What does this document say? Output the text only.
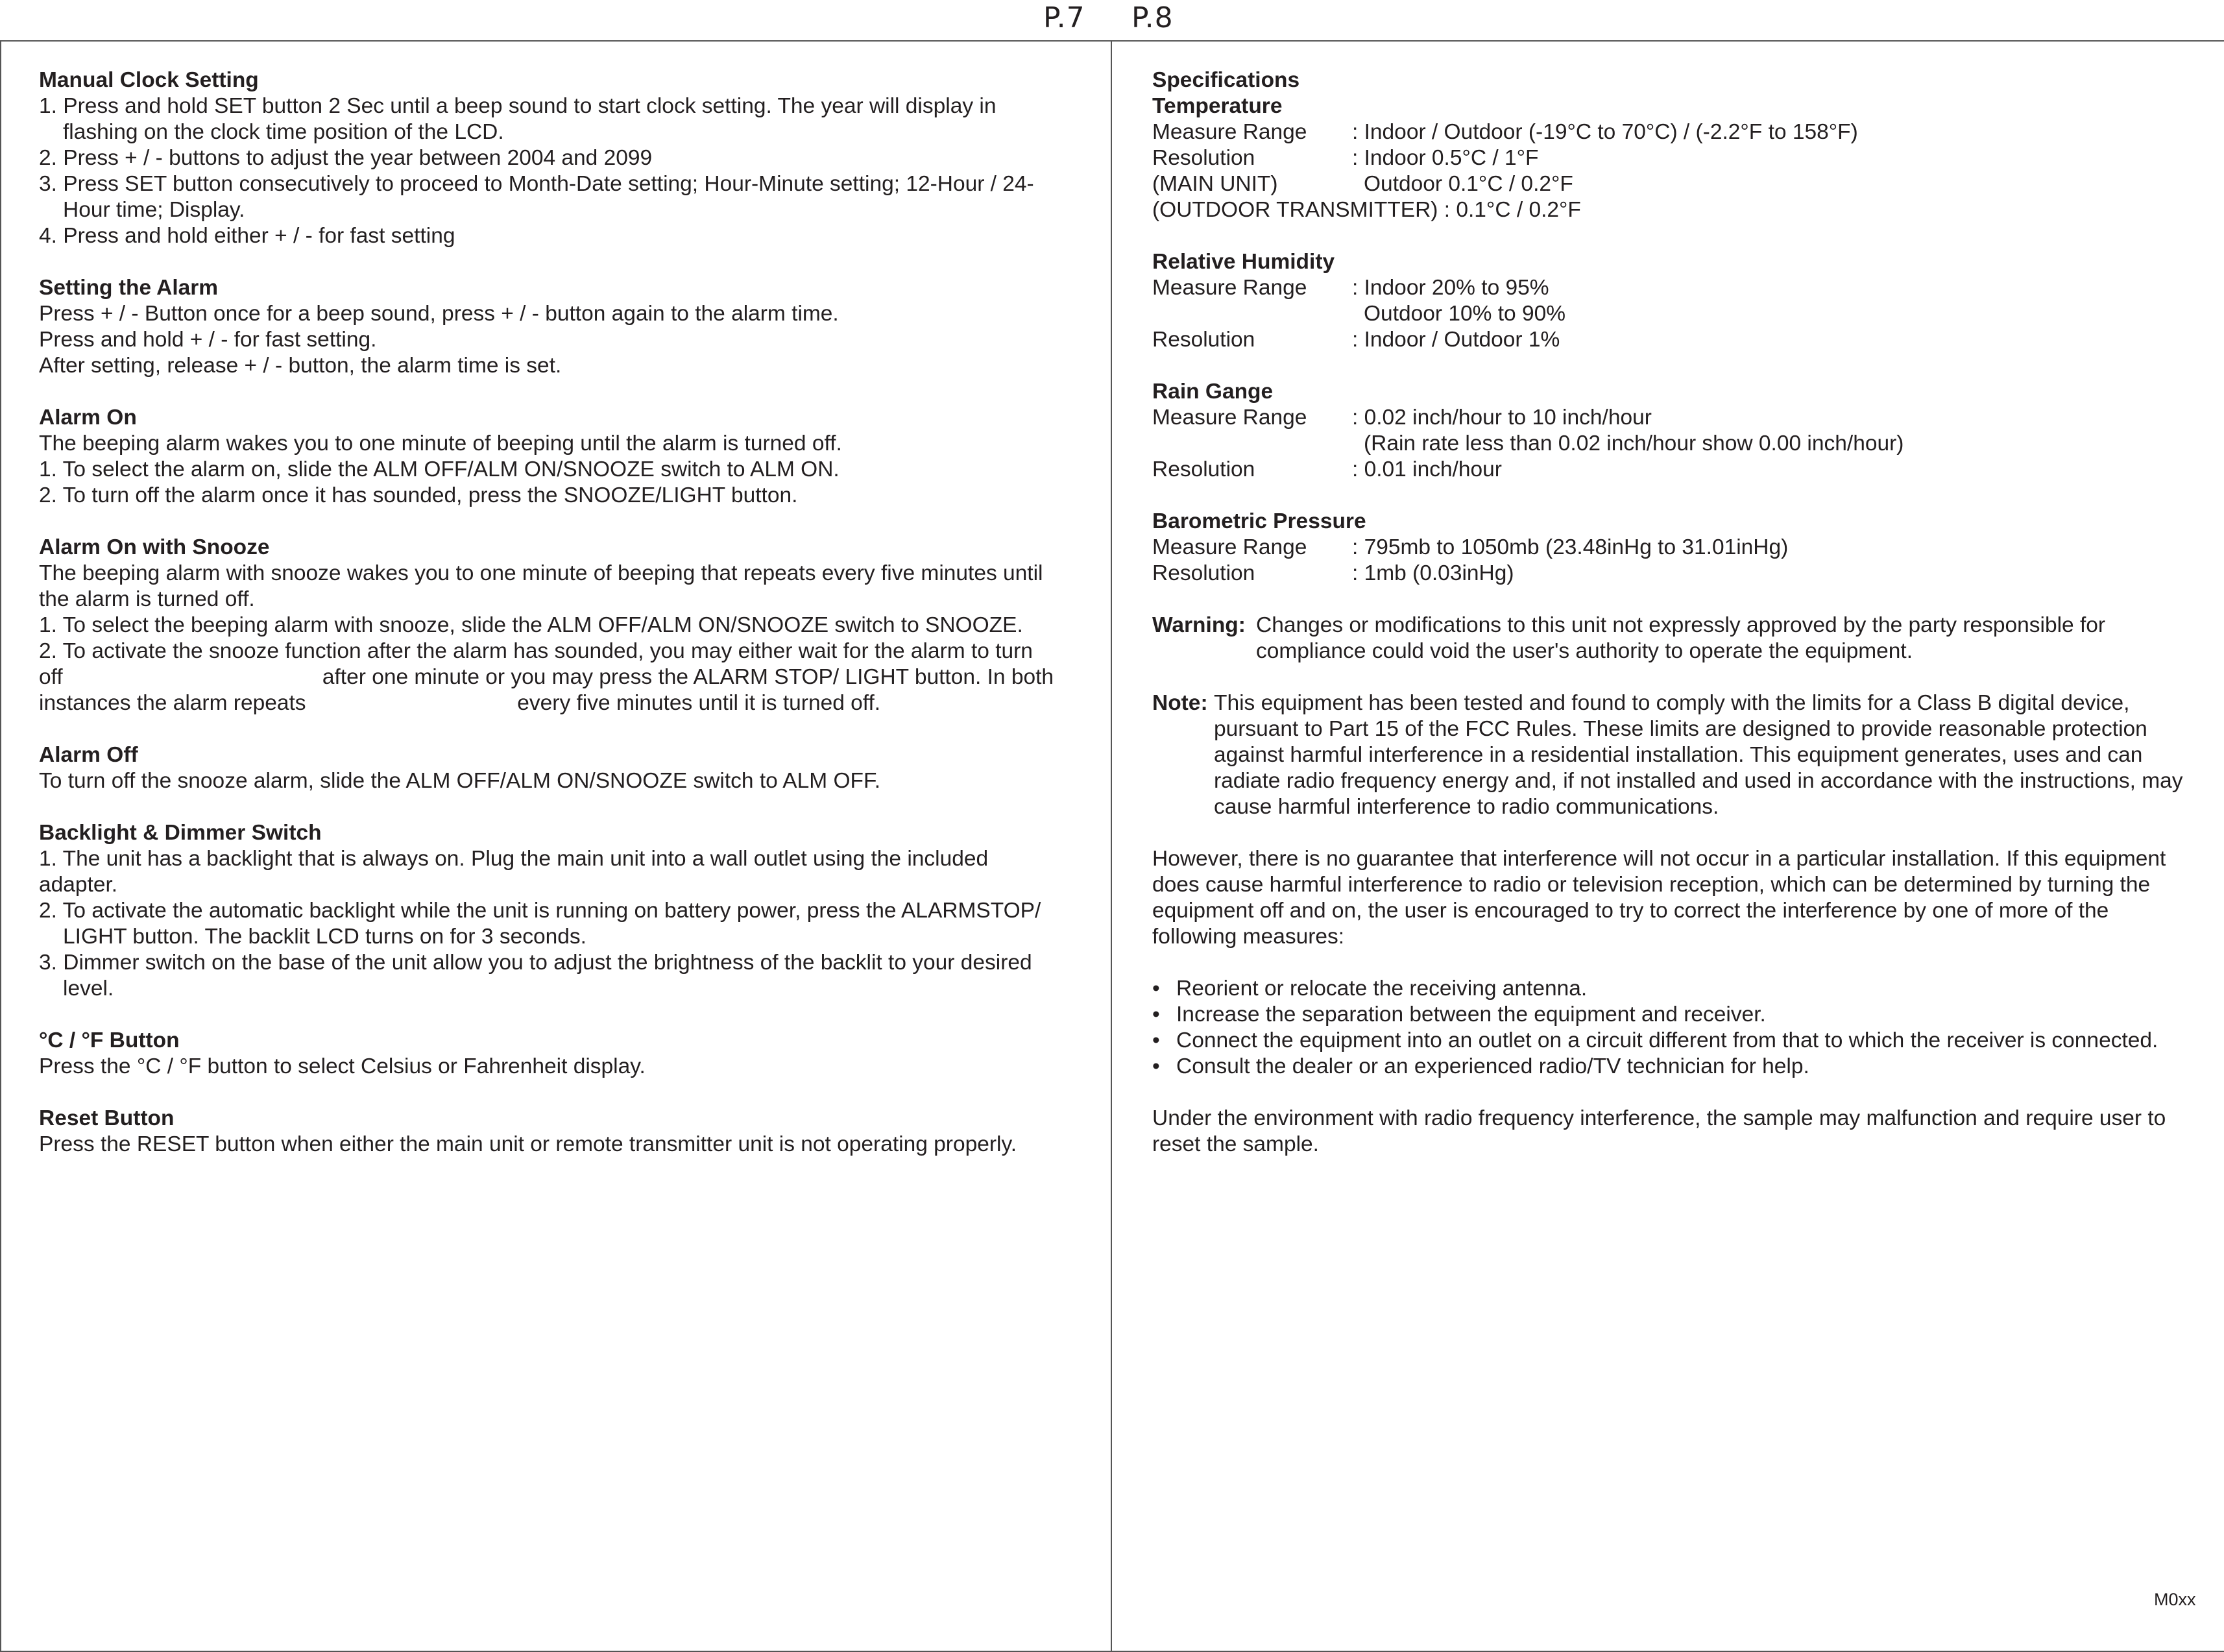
P.7 P.8
Manual Clock Setting
1. Press and hold SET button 2 Sec until a beep sound to start clock setting. The year will display in
flashing on the clock time position of the LCD.
2. Press + / - buttons to adjust the year between 2004 and 2099
3. Press SET button consecutively to proceed to Month-Date setting; Hour-Minute setting; 12-Hour / 24-
Hour time; Display.
4. Press and hold either + / - for fast setting
Setting the Alarm
Press + / - Button once for a beep sound, press + / - button again to the alarm time.
Press and hold + / - for fast setting.
After setting, release + / - button, the alarm time is set.
Alarm On
The beeping alarm wakes you to one minute of beeping until the alarm is turned off.
1. To select the alarm on, slide the ALM OFF/ALM ON/SNOOZE switch to ALM ON.
2. To turn off the alarm once it has sounded, press the SNOOZE/LIGHT button.
Alarm On with Snooze
The beeping alarm with snooze wakes you to one minute of beeping that repeats every five minutes until
the alarm is turned off.
1. To select the beeping alarm with snooze, slide the ALM OFF/ALM ON/SNOOZE switch to SNOOZE.
2. To activate the snooze function after the alarm has sounded, you may either wait for the alarm to turn
off                                           after one minute or you may press the ALARM STOP/ LIGHT button. In both
instances the alarm repeats                                   every five minutes until it is turned off.
Alarm Off
To turn off the snooze alarm, slide the ALM OFF/ALM ON/SNOOZE switch to ALM OFF.
Backlight & Dimmer Switch
1. The unit has a backlight that is always on. Plug the main unit into a wall outlet using the included
adapter.
2. To activate the automatic backlight while the unit is running on battery power, press the ALARMSTOP/
LIGHT button. The backlit LCD turns on for 3 seconds.
3. Dimmer switch on the base of the unit allow you to adjust the brightness of the backlit to your desired
level.
°C / °F Button
Press the °C / °F button to select Celsius or Fahrenheit display.
Reset Button
Press the RESET button when either the main unit or remote transmitter unit is not operating properly.
Specifications
Temperature
Measure Range	: Indoor / Outdoor (-19°C to 70°C) / (-2.2°F to 158°F)
Resolution	: Indoor 0.5°C / 1°F
(MAIN UNIT)	Outdoor 0.1°C / 0.2°F
(OUTDOOR TRANSMITTER) : 0.1°C / 0.2°F
Relative Humidity
Measure Range	: Indoor 20% to 95%
Outdoor 10% to 90%
Resolution	: Indoor / Outdoor 1%
Rain Gange
Measure Range	: 0.02 inch/hour to 10 inch/hour
(Rain rate less than 0.02 inch/hour show 0.00 inch/hour)
Resolution	: 0.01 inch/hour
Barometric Pressure
Measure Range	: 795mb to 1050mb (23.48inHg to 31.01inHg)
Resolution	: 1mb (0.03inHg)
Warning: Changes or modifications to this unit not expressly approved by the party responsible for
compliance could void the user's authority to operate the equipment.
Note: This equipment has been tested and found to comply with the limits for a Class B digital device,
pursuant to Part 15 of the FCC Rules. These limits are designed to provide reasonable protection
against harmful interference in a residential installation. This equipment generates, uses and can
radiate radio frequency energy and, if not installed and used in accordance with the instructions, may
cause harmful interference to radio communications.
However, there is no guarantee that interference will not occur in a particular installation. If this equipment
does cause harmful interference to radio or television reception, which can be determined by turning the
equipment off and on, the user is encouraged to try to correct the interference by one of more of the
following measures:
• Reorient or relocate the receiving antenna.
• Increase the separation between the equipment and receiver.
• Connect the equipment into an outlet on a circuit different from that to which the receiver is connected.
• Consult the dealer or an experienced radio/TV technician for help.
Under the environment with radio frequency interference, the sample may malfunction and require user to
reset the sample.
M0xx
